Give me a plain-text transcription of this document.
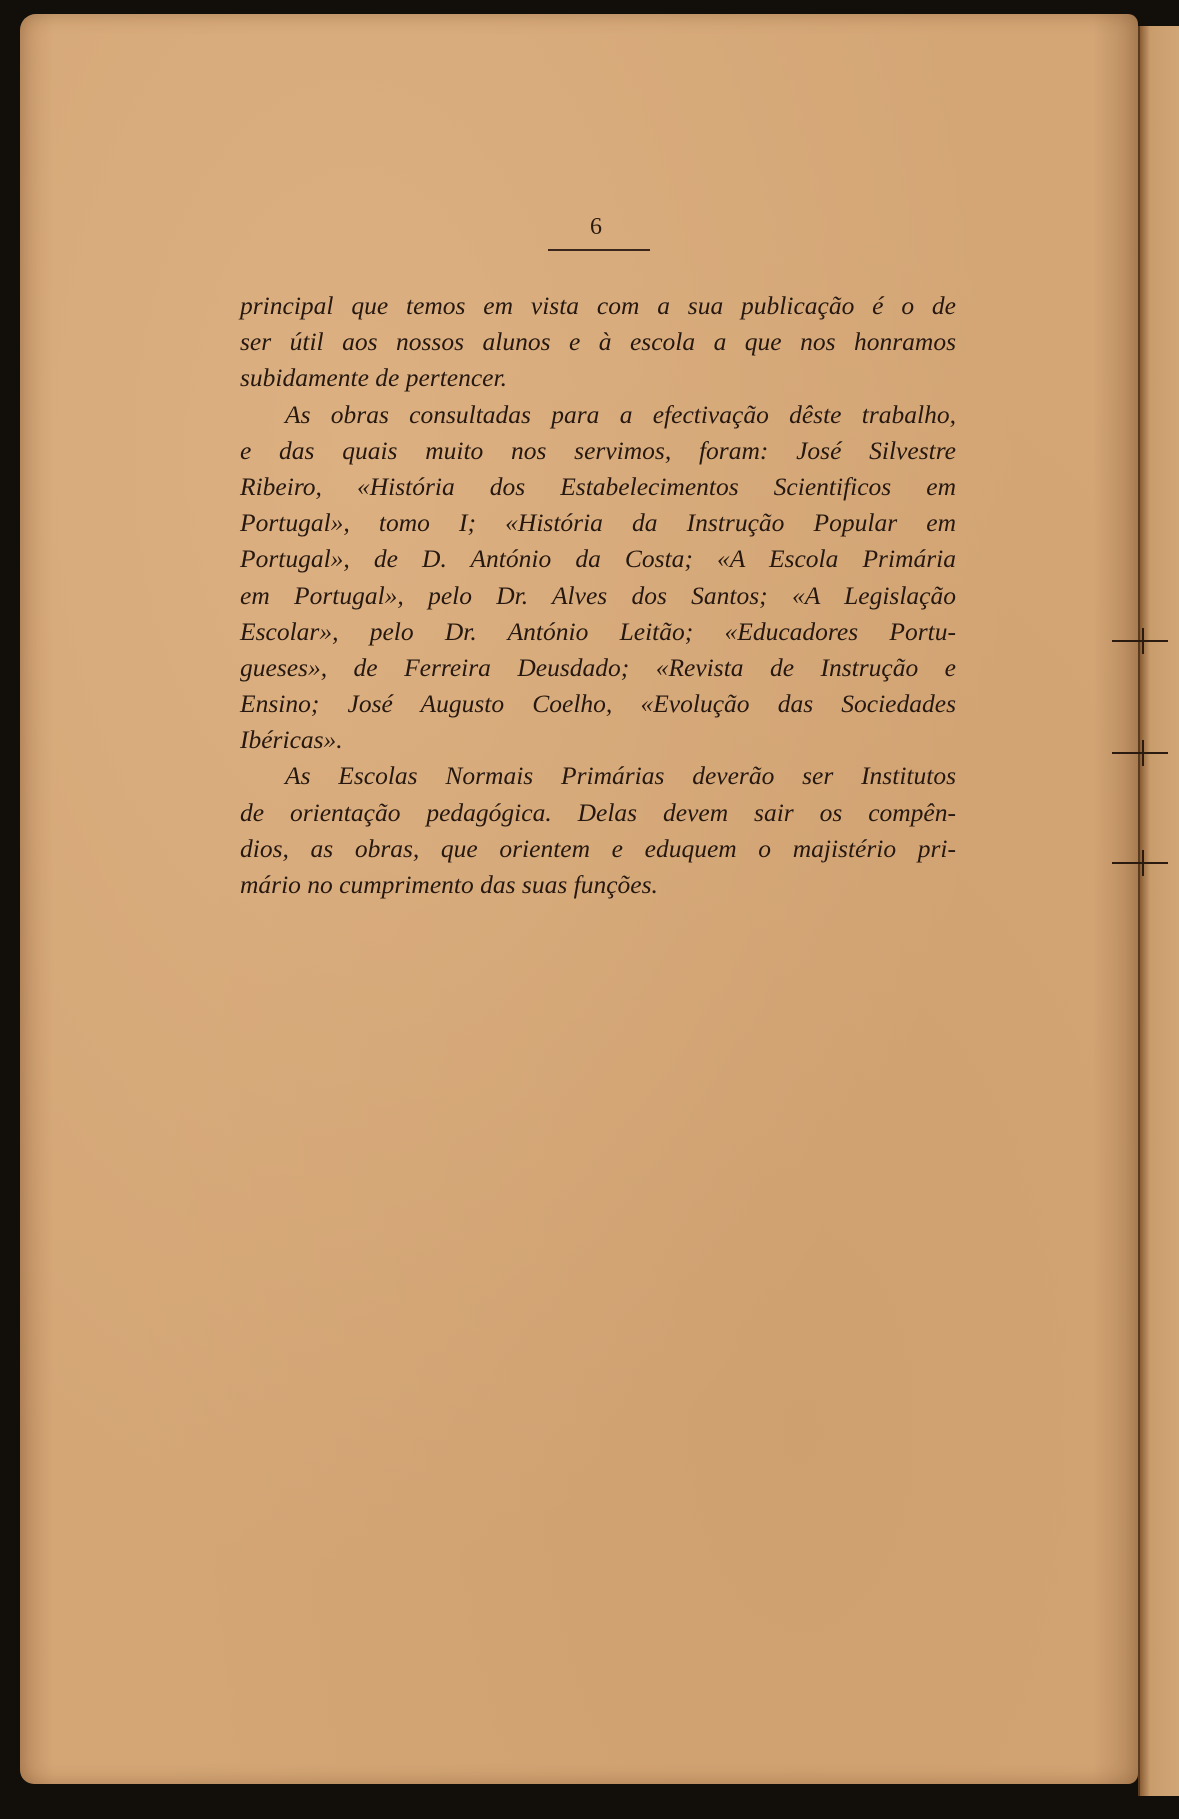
6
principal que temos em vista com a sua publicação é o de
ser útil aos nossos alunos e à escola a que nos honramos
subidamente de pertencer.
As obras consultadas para a efectivação dêste trabalho,
e das quais muito nos servimos, foram: José Silvestre
Ribeiro, «História dos Estabelecimentos Scientificos em
Portugal», tomo I; «História da Instrução Popular em
Portugal», de D. António da Costa; «A Escola Primária
em Portugal», pelo Dr. Alves dos Santos; «A Legislação
Escolar», pelo Dr. António Leitão; «Educadores Portu-
gueses», de Ferreira Deusdado; «Revista de Instrução e
Ensino; José Augusto Coelho, «Evolução das Sociedades
Ibéricas».
As Escolas Normais Primárias deverão ser Institutos
de orientação pedagógica. Delas devem sair os compên-
dios, as obras, que orientem e eduquem o majistério pri-
mário no cumprimento das suas funções.
